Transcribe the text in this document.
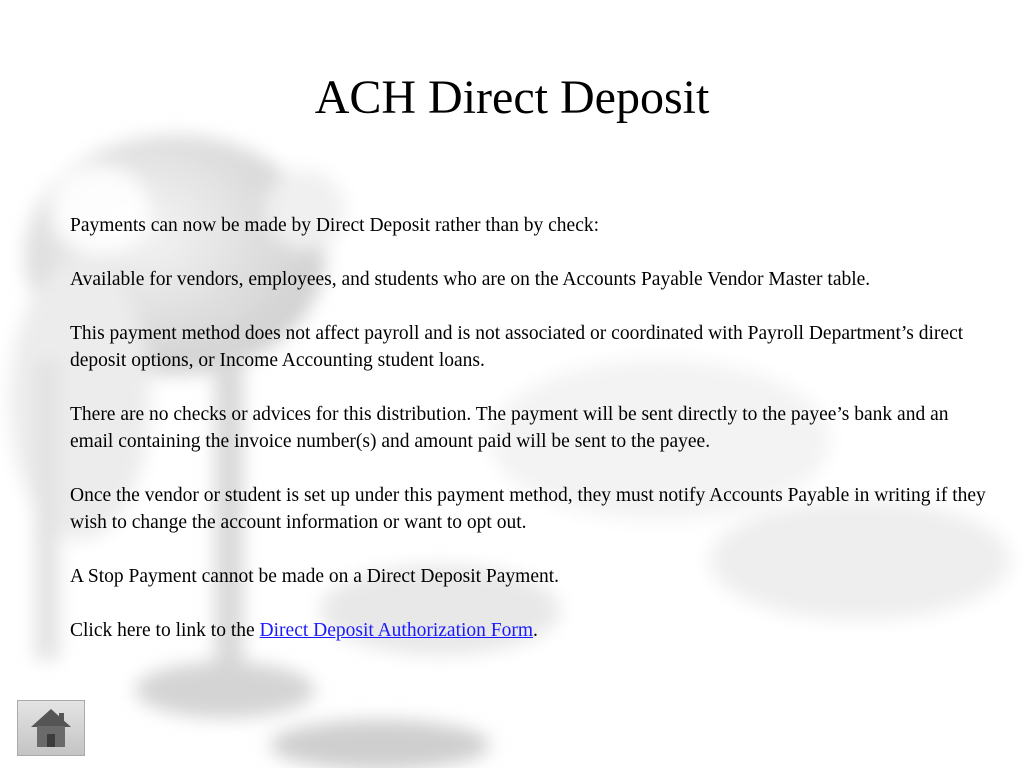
ACH Direct Deposit

Payments can now be made by Direct Deposit rather than by check:

Available for vendors, employees, and students who are on the Accounts Payable Vendor Master table.

This payment method does not affect payroll and is not associated or coordinated with Payroll Department’s direct deposit options, or Income Accounting student loans.

There are no checks or advices for this distribution. The payment will be sent directly to the payee’s bank and an email containing the invoice number(s) and amount paid will be sent to the payee.

Once the vendor or student is set up under this payment method, they must notify Accounts Payable in writing if they wish to change the account information or want to opt out.

A Stop Payment cannot be made on a Direct Deposit Payment.

Click here to link to the Direct Deposit Authorization Form.
